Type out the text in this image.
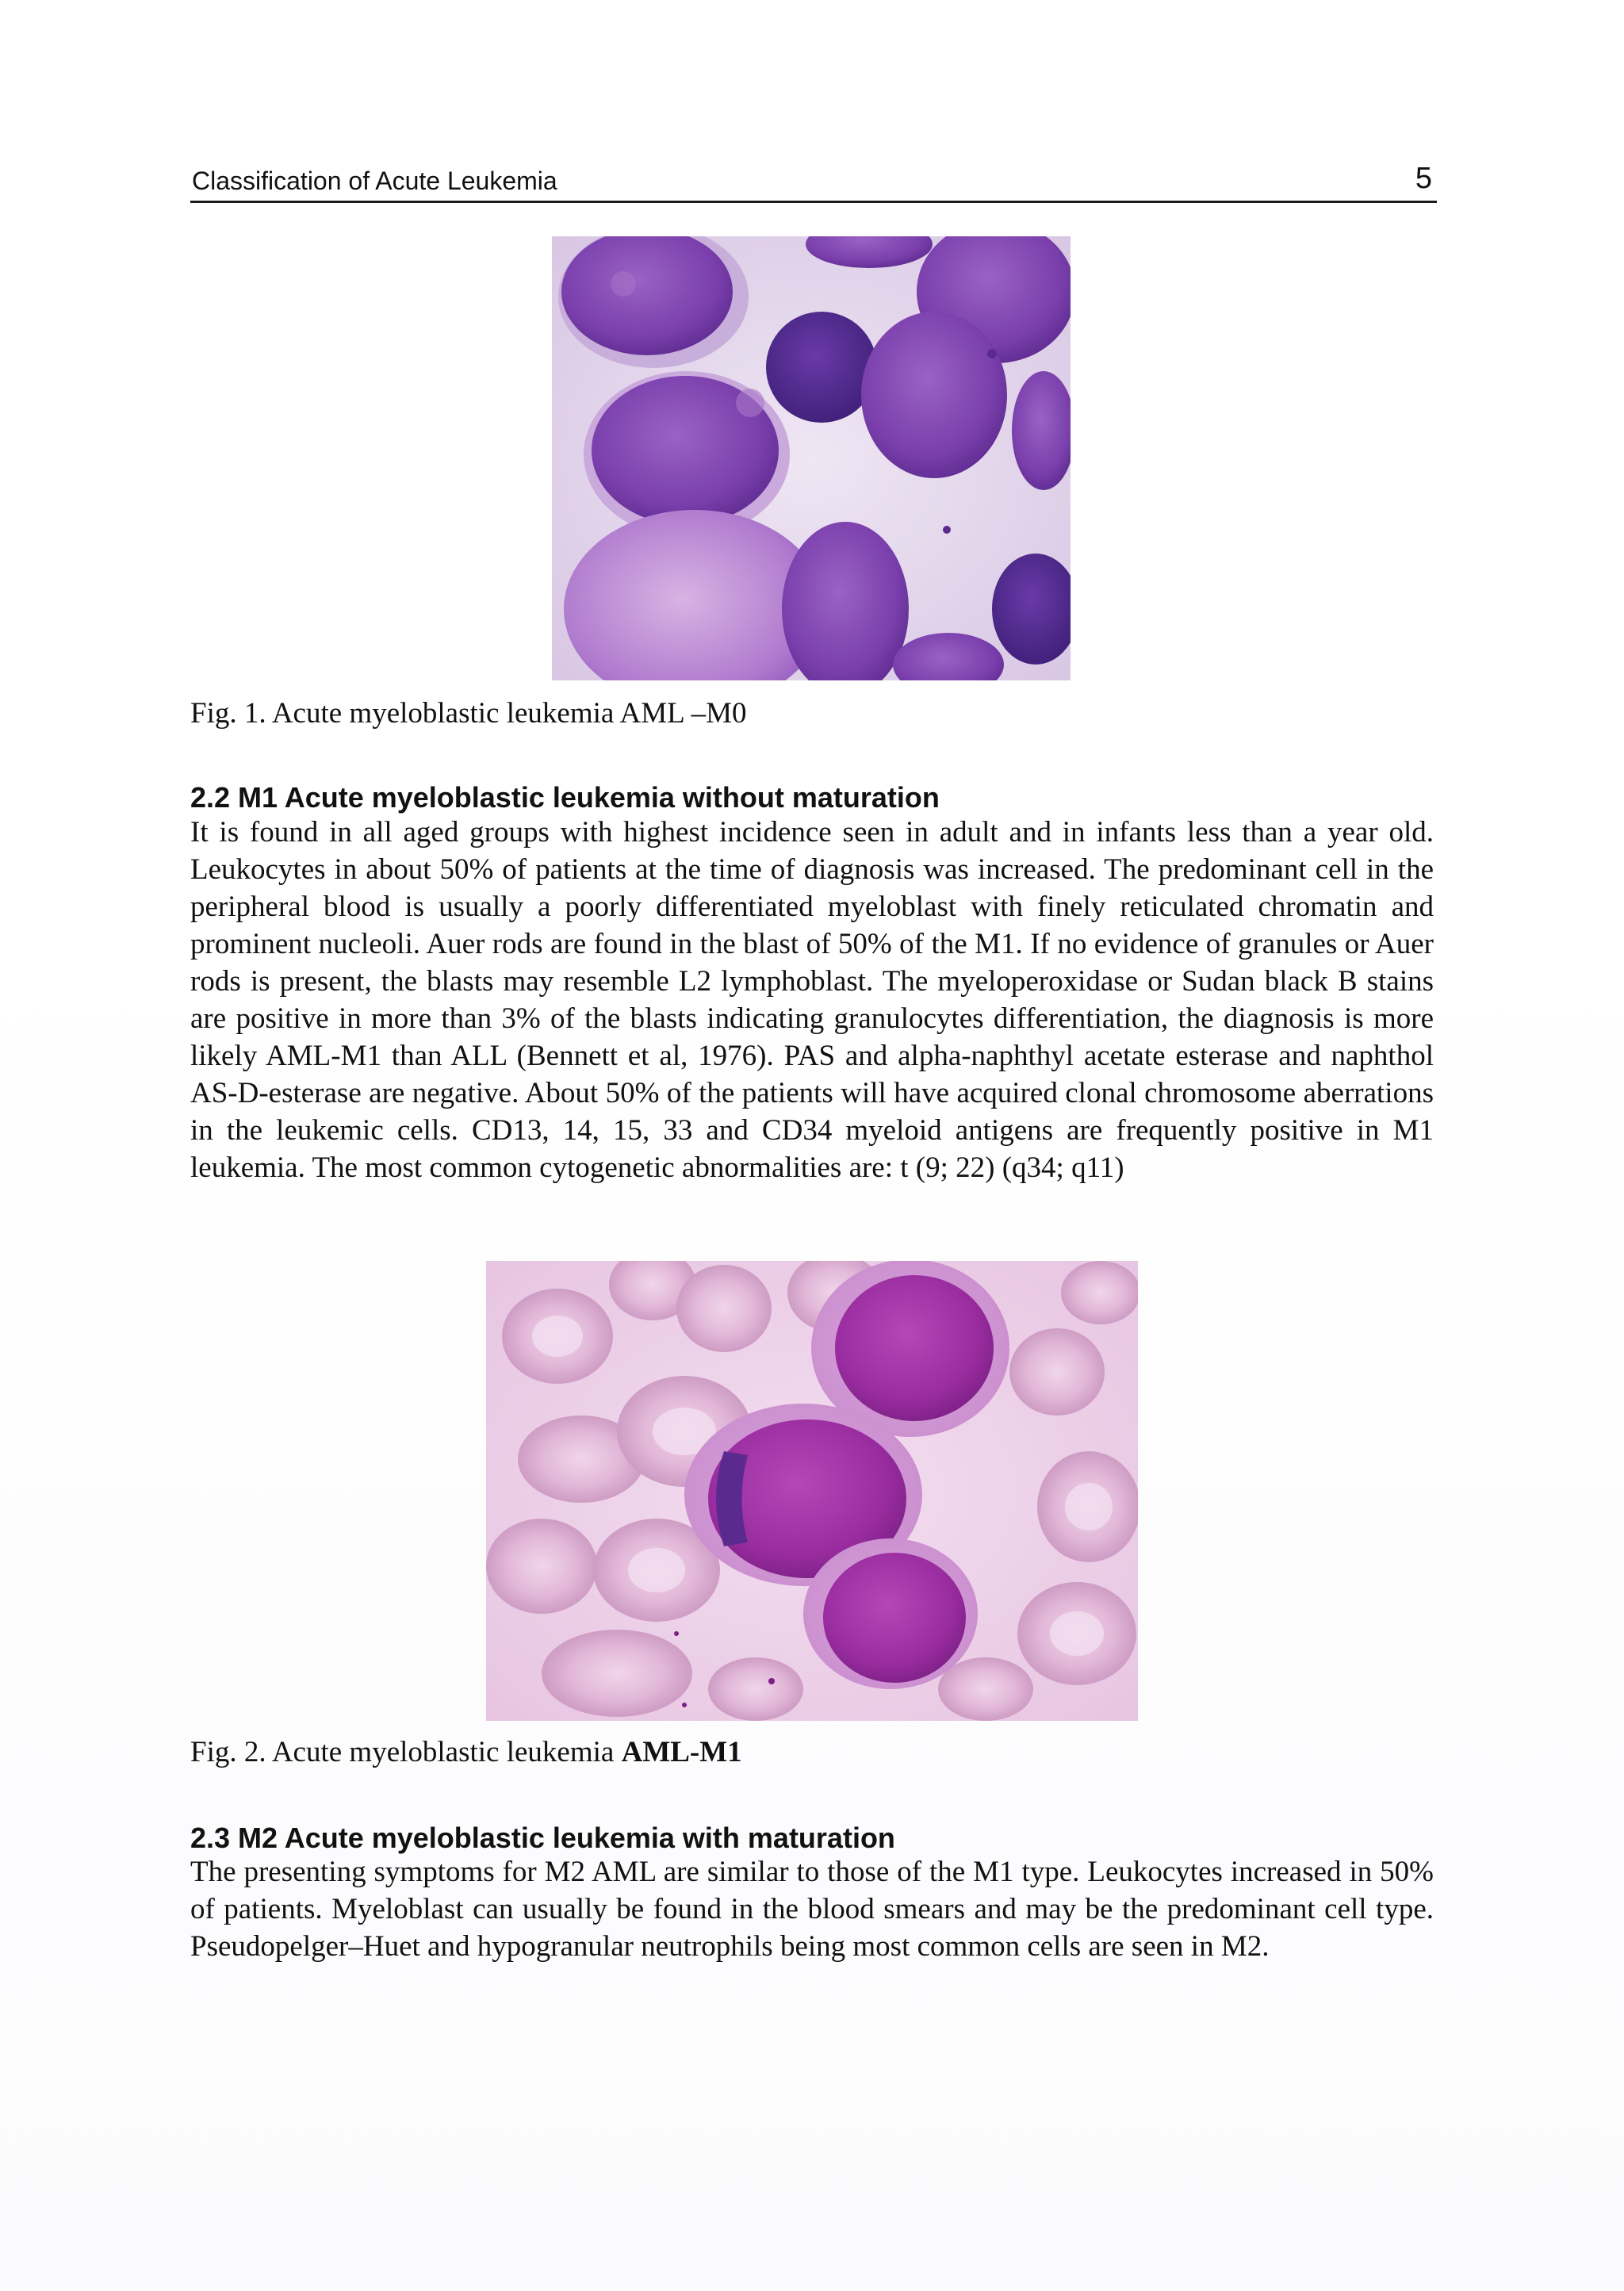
Classification of Acute Leukemia	5
Fig. 1. Acute myeloblastic leukemia AML –M0
2.2 M1 Acute myeloblastic leukemia without maturation
It is found in all aged groups with highest incidence seen in adult and in infants less than a year old. Leukocytes in about 50% of patients at the time of diagnosis was increased. The predominant cell in the peripheral blood is usually a poorly differentiated myeloblast with finely reticulated chromatin and prominent nucleoli. Auer rods are found in the blast of 50% of the M1. If no evidence of granules or Auer rods is present, the blasts may resemble L2 lymphoblast. The myeloperoxidase or Sudan black B stains are positive in more than 3% of the blasts indicating granulocytes differentiation, the diagnosis is more likely AML-M1 than ALL (Bennett et al, 1976). PAS and alpha-naphthyl acetate esterase and naphthol AS-D-esterase are negative. About 50% of the patients will have acquired clonal chromosome aberrations in the leukemic cells. CD13, 14, 15, 33 and CD34 myeloid antigens are frequently positive in M1 leukemia. The most common cytogenetic abnormalities are: t (9; 22) (q34; q11)
Fig. 2. Acute myeloblastic leukemia AML-M1
2.3 M2 Acute myeloblastic leukemia with maturation
The presenting symptoms for M2 AML are similar to those of the M1 type. Leukocytes increased in 50% of patients. Myeloblast can usually be found in the blood smears and may be the predominant cell type. Pseudopelger–Huet and hypogranular neutrophils being most common cells are seen in M2.
